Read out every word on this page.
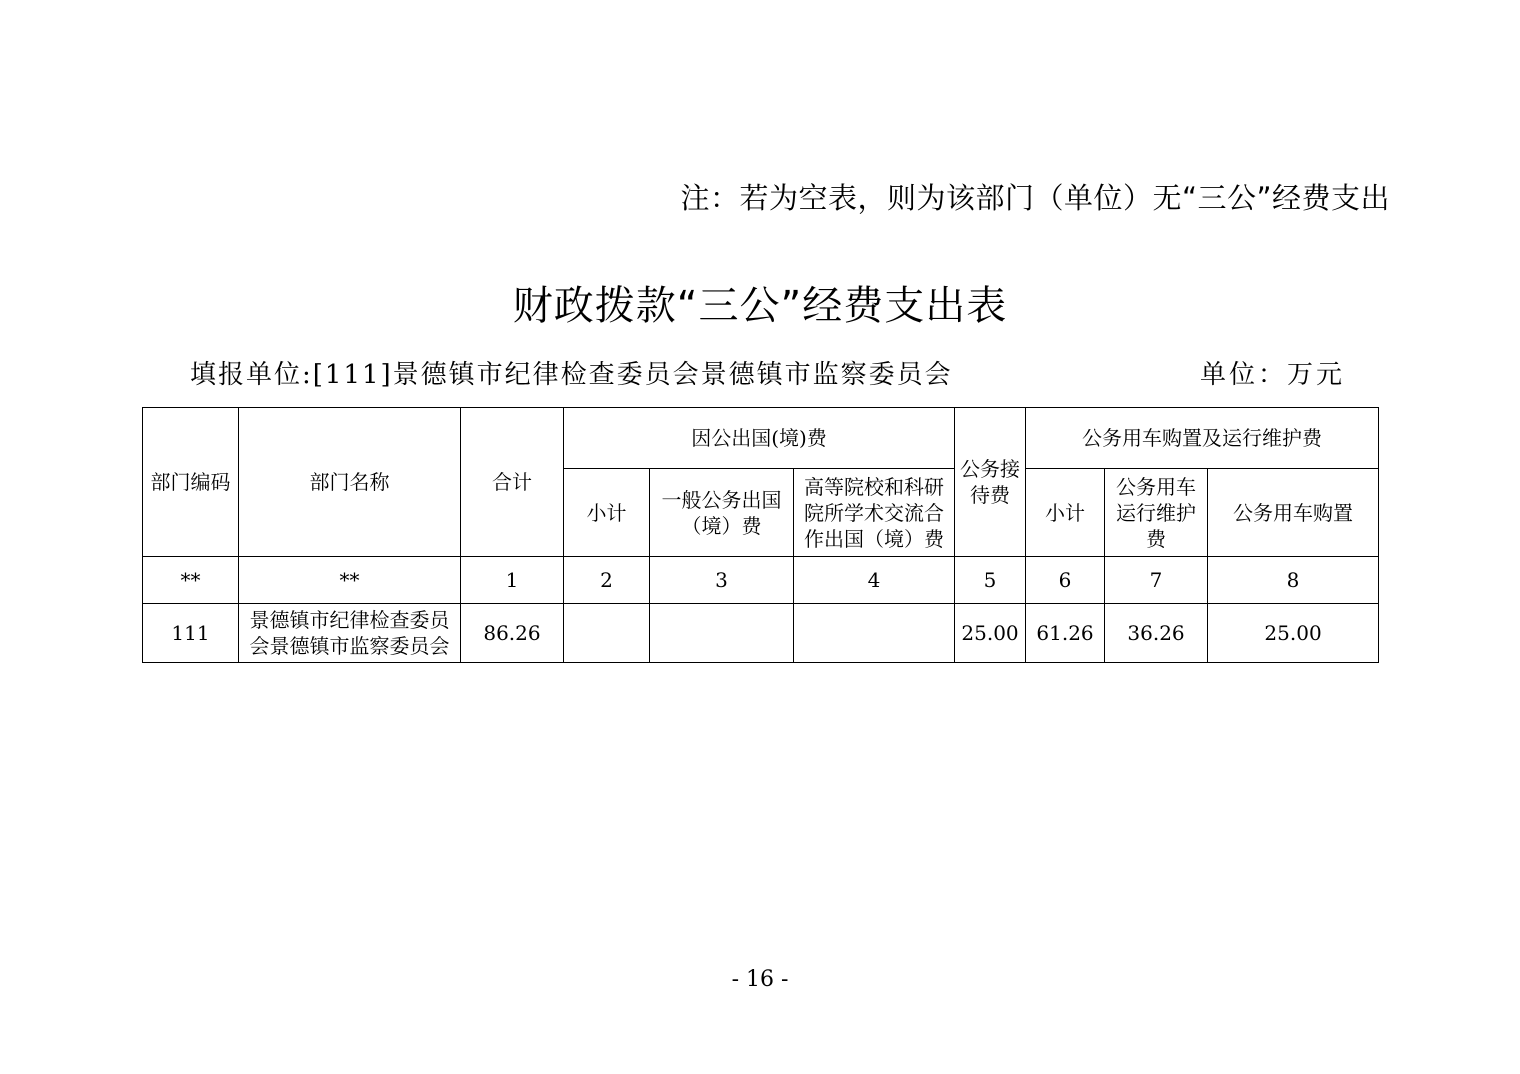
注：若为空表，则为该部门（单位）无“三公”经费支出
财政拨款“三公”经费支出表
填报单位:[111]景德镇市纪律检查委员会景德镇市监察委员会	单位：万元
部门编码	部门名称	合计	因公出国(境)费			公务接待费	公务用车购置及运行维护费		
			小计	一般公务出国（境）费	高等院校和科研院所学术交流合作出国（境）费		小计	公务用车运行维护费	公务用车购置
**	**	1	2	3	4	5	6	7	8
111	景德镇市纪律检查委员会景德镇市监察委员会	86.26				25.00	61.26	36.26	25.00
- 16 -
